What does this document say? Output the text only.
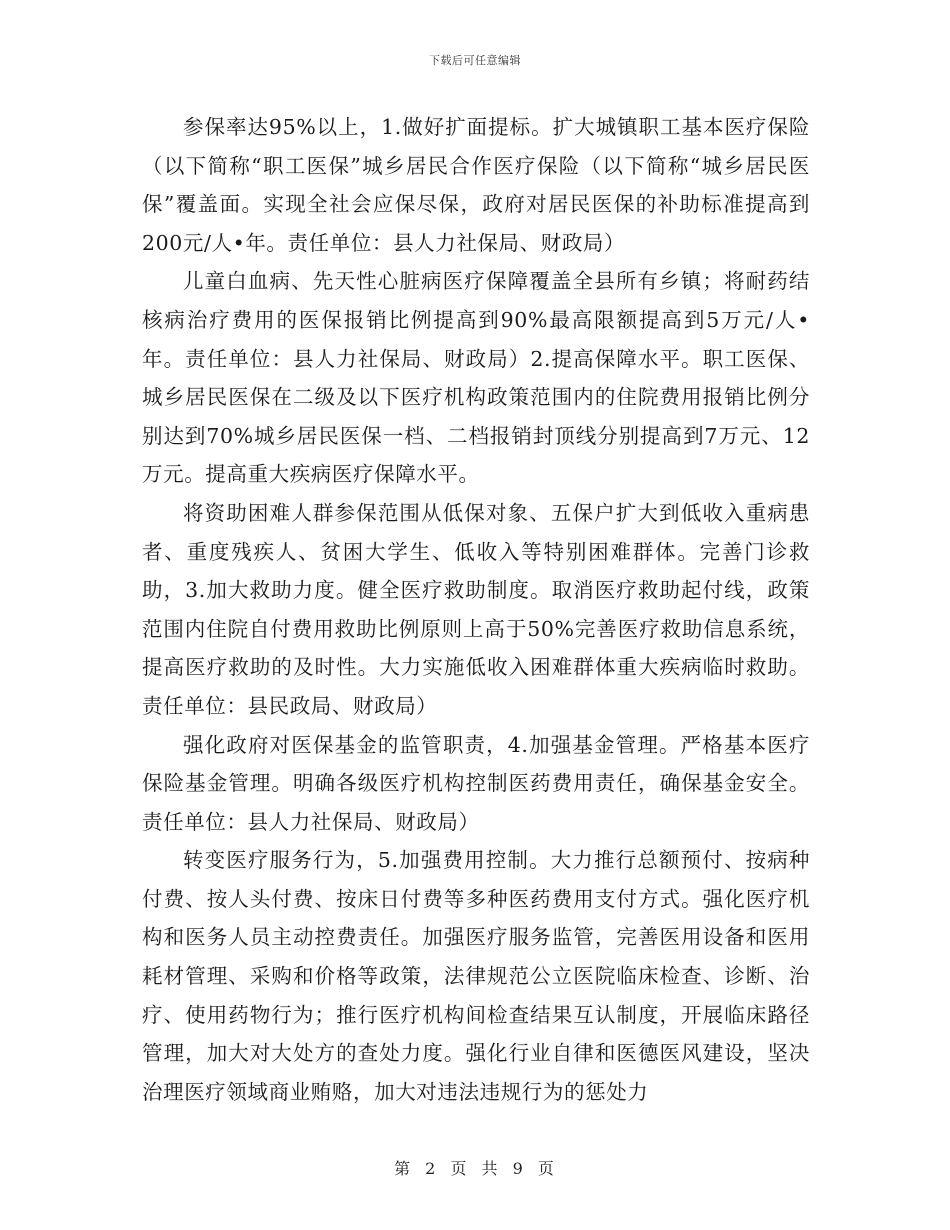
下载后可任意编辑

参保率达95%以上，1.做好扩面提标。扩大城镇职工基本医疗保险（以下简称“职工医保”城乡居民合作医疗保险（以下简称“城乡居民医保”覆盖面。实现全社会应保尽保，政府对居民医保的补助标准提高到200元/人•年。责任单位：县人力社保局、财政局）

儿童白血病、先天性心脏病医疗保障覆盖全县所有乡镇；将耐药结核病治疗费用的医保报销比例提高到90%最高限额提高到5万元/人•年。责任单位：县人力社保局、财政局）2.提高保障水平。职工医保、城乡居民医保在二级及以下医疗机构政策范围内的住院费用报销比例分别达到70%城乡居民医保一档、二档报销封顶线分别提高到7万元、12万元。提高重大疾病医疗保障水平。

将资助困难人群参保范围从低保对象、五保户扩大到低收入重病患者、重度残疾人、贫困大学生、低收入等特别困难群体。完善门诊救助，3.加大救助力度。健全医疗救助制度。取消医疗救助起付线，政策范围内住院自付费用救助比例原则上高于50%完善医疗救助信息系统，提高医疗救助的及时性。大力实施低收入困难群体重大疾病临时救助。责任单位：县民政局、财政局）

强化政府对医保基金的监管职责，4.加强基金管理。严格基本医疗保险基金管理。明确各级医疗机构控制医药费用责任，确保基金安全。责任单位：县人力社保局、财政局）

转变医疗服务行为，5.加强费用控制。大力推行总额预付、按病种付费、按人头付费、按床日付费等多种医药费用支付方式。强化医疗机构和医务人员主动控费责任。加强医疗服务监管，完善医用设备和医用耗材管理、采购和价格等政策，法律规范公立医院临床检查、诊断、治疗、使用药物行为；推行医疗机构间检查结果互认制度，开展临床路径管理，加大对大处方的查处力度。强化行业自律和医德医风建设，坚决治理医疗领域商业贿赂，加大对违法违规行为的惩处力

第 2 页 共 9 页
